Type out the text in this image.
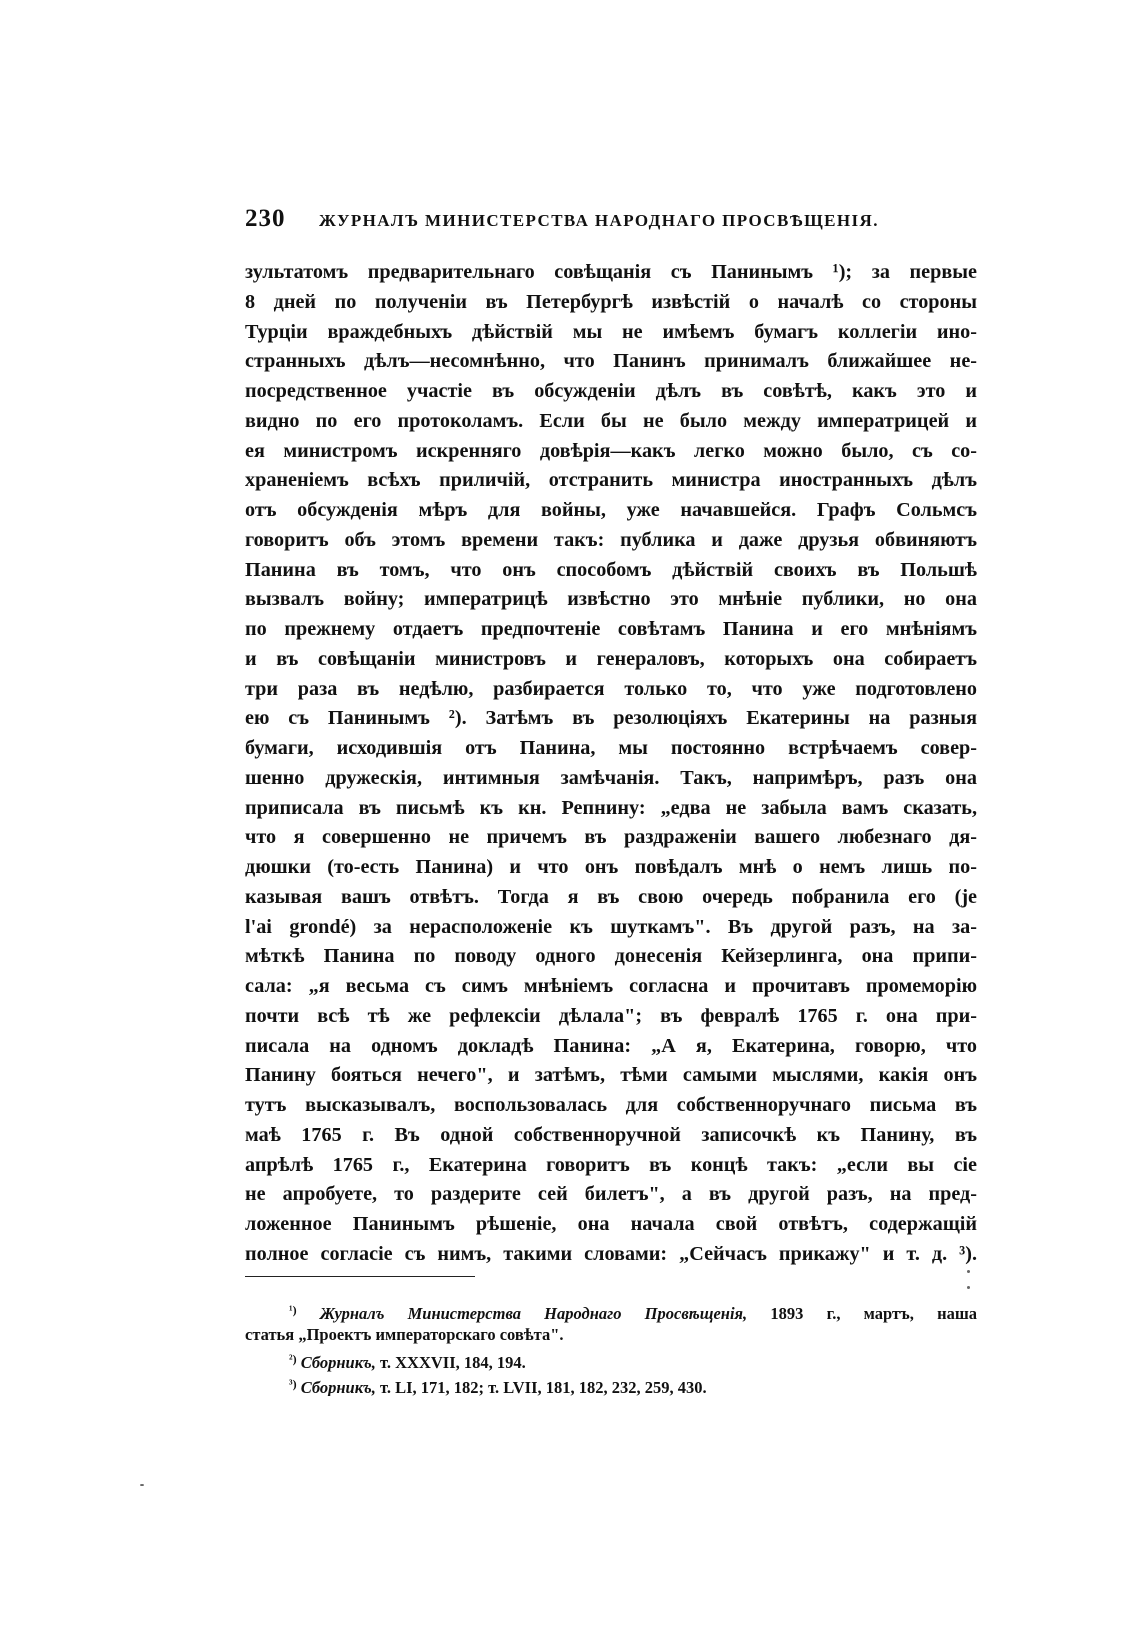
230	ЖУРНАЛЪ МИНИСТЕРСТВА НАРОДНАГО ПРОСВѢЩЕНІЯ.
зультатомъ предварительнаго совѣщанія съ Панинымъ ¹); за первые
8 дней по полученіи въ Петербургѣ извѣстій о началѣ со стороны
Турціи враждебныхъ дѣйствій мы не имѣемъ бумагъ коллегіи ино-
странныхъ дѣлъ—несомнѣнно, что Панинъ принималъ ближайшее не-
посредственное участіе въ обсужденіи дѣлъ въ совѣтѣ, какъ это и
видно по его протоколамъ. Если бы не было между императрицей и
ея министромъ искренняго довѣрія—какъ легко можно было, съ со-
храненіемъ всѣхъ приличій, отстранить министра иностранныхъ дѣлъ
отъ обсужденія мѣръ для войны, уже начавшейся. Графъ Сольмсъ
говоритъ объ этомъ времени такъ: публика и даже друзья обвиняютъ
Панина въ томъ, что онъ способомъ дѣйствій своихъ въ Польшѣ
вызвалъ войну; императрицѣ извѣстно это мнѣніе публики, но она
по прежнему отдаетъ предпочтеніе совѣтамъ Панина и его мнѣніямъ
и въ совѣщаніи министровъ и генераловъ, которыхъ она собираетъ
три раза въ недѣлю, разбирается только то, что уже подготовлено
ею съ Панинымъ ²). Затѣмъ въ резолюціяхъ Екатерины на разныя
бумаги, исходившія отъ Панина, мы постоянно встрѣчаемъ совер-
шенно дружескія, интимныя замѣчанія. Такъ, напримѣръ, разъ она
приписала въ письмѣ къ кн. Репнину: „едва не забыла вамъ сказать,
что я совершенно не причемъ въ раздраженіи вашего любезнаго дя-
дюшки (то-есть Панина) и что онъ повѣдалъ мнѣ о немъ лишь по-
казывая вашъ отвѣтъ. Тогда я въ свою очередь побранила его (je
l'ai grondé) за нерасположеніе къ шуткамъ". Въ другой разъ, на за-
мѣткѣ Панина по поводу одного донесенія Кейзерлинга, она припи-
сала: „я весьма съ симъ мнѣніемъ согласна и прочитавъ промеморію
почти всѣ тѣ же рефлексіи дѣлала"; въ февралѣ 1765 г. она при-
писала на одномъ докладѣ Панина: „А я, Екатерина, говорю, что
Панину бояться нечего", и затѣмъ, тѣми самыми мыслями, какія онъ
тутъ высказывалъ, воспользовалась для собственноручнаго письма въ
маѣ 1765 г. Въ одной собственноручной записочкѣ къ Панину, въ
апрѣлѣ 1765 г., Екатерина говоритъ въ концѣ такъ: „если вы сіе
не апробуете, то раздерите сей билетъ", а въ другой разъ, на пред-
ложенное Панинымъ рѣшеніе, она начала свой отвѣтъ, содержащій
полное согласіе съ нимъ, такими словами: „Сейчасъ прикажу" и т. д. ³).
$^{^1)}$ Журналъ Министерства Народнаго Просвѣщенія, 1893 г., мартъ, наша
статья „Проектъ императорскаго совѣта".
$^{^2)}$ Сборникъ, т. XXXVII, 184, 194.
$^{^3)}$ Сборникъ, т. LI, 171, 182; т. LVII, 181, 182, 232, 259, 430.
